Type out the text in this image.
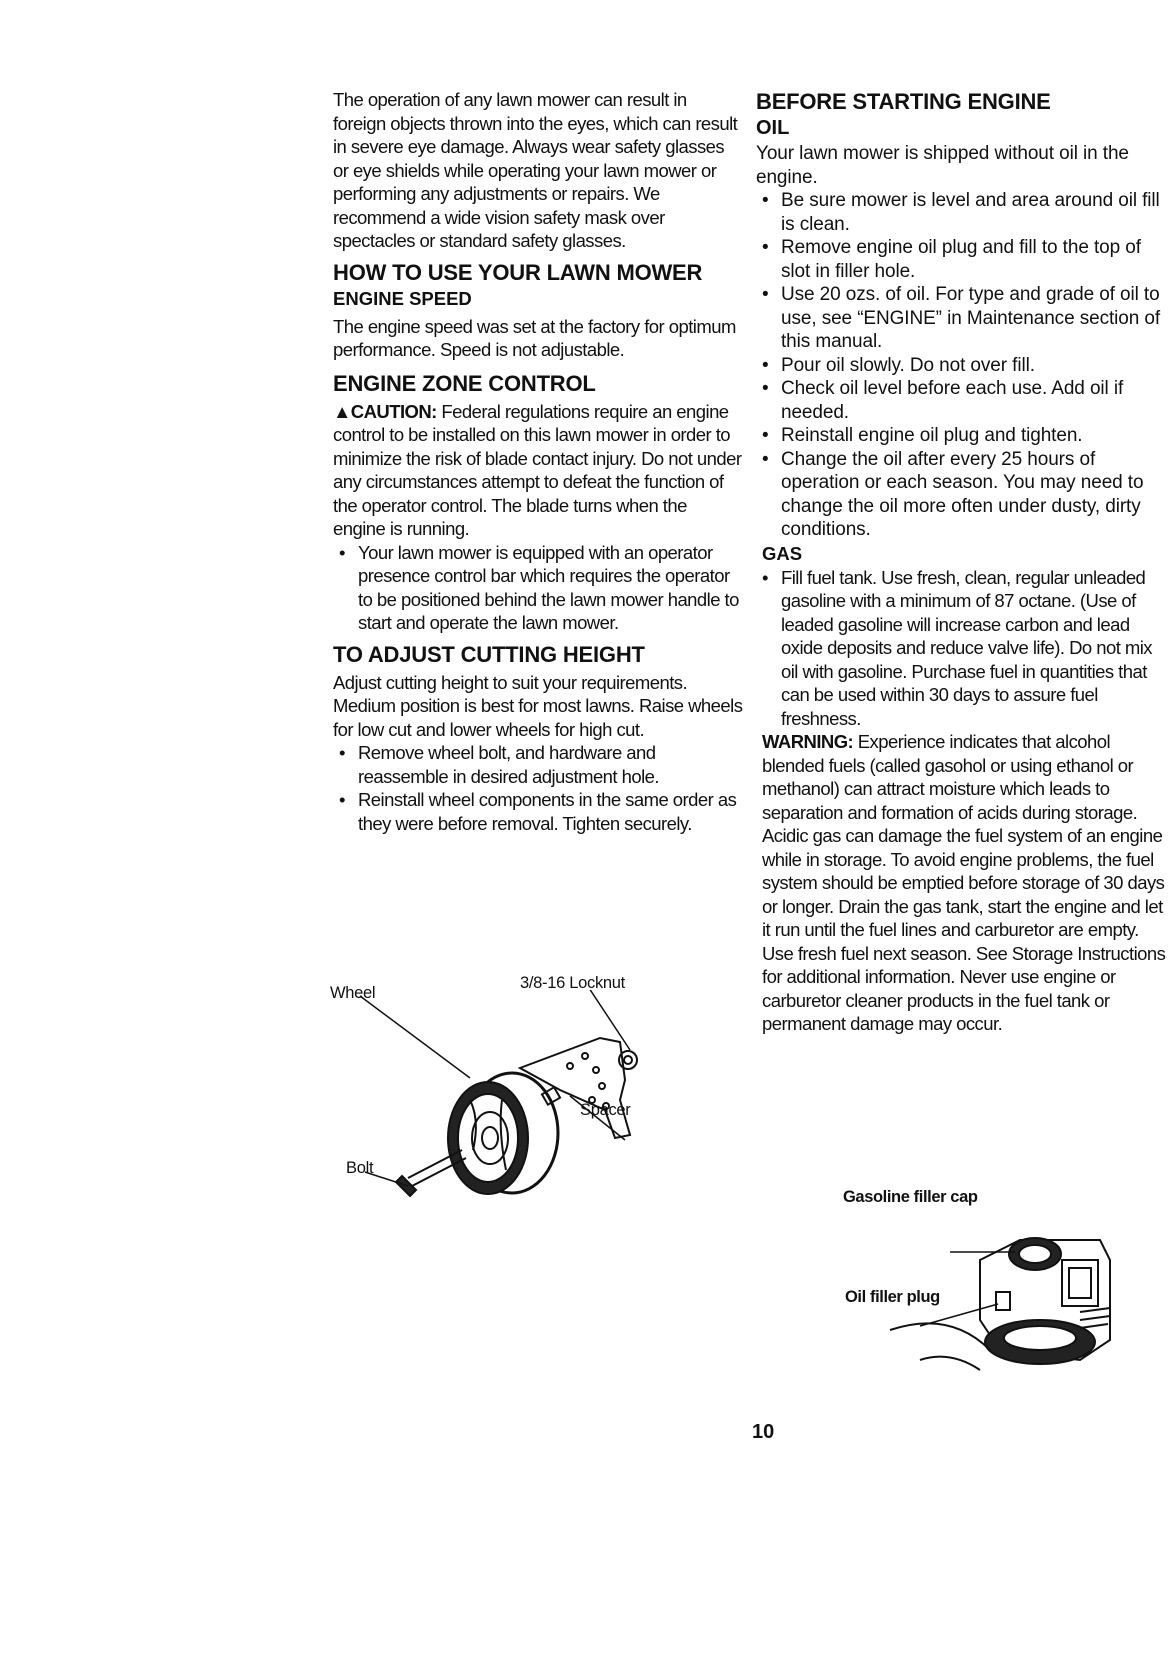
The operation of any lawn mower can result in foreign objects thrown into the eyes, which can result in severe eye damage. Always wear safety glasses or eye shields while operating your lawn mower or performing any adjustments or repairs. We recommend a wide vision safety mask over spectacles or standard safety glasses.

HOW TO USE YOUR LAWN MOWER
ENGINE SPEED

The engine speed was set at the factory for optimum performance. Speed is not adjustable.

ENGINE ZONE CONTROL

▲CAUTION: Federal regulations require an engine control to be installed on this lawn mower in order to minimize the risk of blade contact injury. Do not under any circumstances attempt to defeat the function of the operator control. The blade turns when the engine is running.

• Your lawn mower is equipped with an operator presence control bar which requires the operator to be positioned behind the lawn mower handle to start and operate the lawn mower.
TO ADJUST CUTTING HEIGHT

Adjust cutting height to suit your requirements. Medium position is best for most lawns. Raise wheels for low cut and lower wheels for high cut.

• Remove wheel bolt, and hardware and reassemble in desired adjustment hole.
• Reinstall wheel components in the same order as they were before removal. Tighten securely.
3/8-16 Locknut
Wheel
Spacer
Bolt
BEFORE STARTING ENGINE
OIL

Your lawn mower is shipped without oil in the engine.

• Be sure mower is level and area around oil fill is clean.
• Remove engine oil plug and fill to the top of slot in filler hole.
• Use 20 ozs. of oil. For type and grade of oil to use, see “ENGINE” in Maintenance section of this manual.
• Pour oil slowly. Do not over fill.
• Check oil level before each use. Add oil if needed.
• Reinstall engine oil plug and tighten.
• Change the oil after every 25 hours of operation or each season. You may need to change the oil more often under dusty, dirty conditions.
GAS
• Fill fuel tank. Use fresh, clean, regular unleaded gasoline with a minimum of 87 octane. (Use of leaded gasoline will increase carbon and lead oxide deposits and reduce valve life). Do not mix oil with gasoline. Purchase fuel in quantities that can be used within 30 days to assure fuel freshness.

WARNING: Experience indicates that alcohol blended fuels (called gasohol or using ethanol or methanol) can attract moisture which leads to separation and formation of acids during storage. Acidic gas can damage the fuel system of an engine while in storage. To avoid engine problems, the fuel system should be emptied before storage of 30 days or longer. Drain the gas tank, start the engine and let it run until the fuel lines and carburetor are empty. Use fresh fuel next season. See Storage Instructions for additional information. Never use engine or carburetor cleaner products in the fuel tank or permanent damage may occur.

Gasoline filler cap
Oil filler plug
10
